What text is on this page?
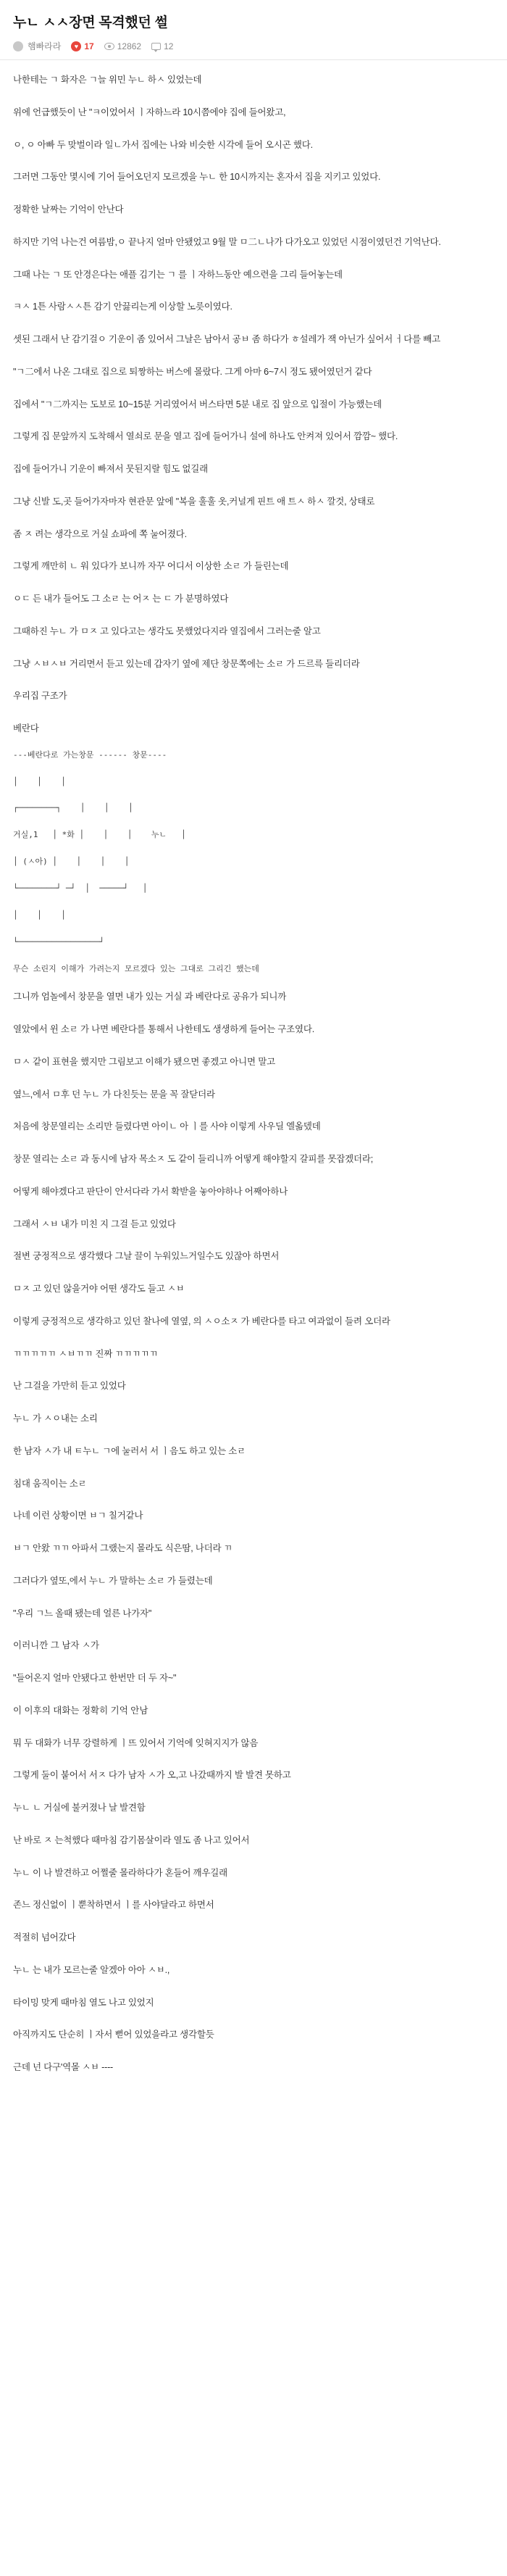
누ㄴ ㅅㅅ장면 목격했던 썰
햄빠라라	♥ 17	12862	12

나한테는 ㄱ 화자은 ㄱ늘 위민 누ㄴ 하ㅅ 있었는데

위에 언급했듯이 난 "ㅋ이었어서 ㅣ자하느라 10시쯤에야 집에 들어왔고,

ㅇ, ㅇ 아빠 두 맞벌이라 일ㄴ가서 집에는 나와 비슷한 시각에 들어 오시곤 했다.

그러면 그동안 몇시에 기어 들어오던지 모르겠을 누ㄴ 한 10시까지는 혼자서 집을 지키고 있었다.

정확한 날짜는 기억이 안난다

하지만 기억 나는건 여름밤,ㅇ 끝나지 얼마 안됐었고 9월 말 ㅁ二ㄴ나가 다가오고 있었던 시점이였던건 기억난다.

그때 나는 ㄱ 또 안경은다는 애플 김기는 ㄱ 를 ㅣ자하느동안 예으련을 그리 들어놓는데

ㅋㅅ 1튼 사람ㅅㅅ튼 감기 안끓리는게 이상할 노릇이였다.

셋된 그래서 난 감기걸ㅇ 기운이 좀 있어서 그날은 남아서 공ㅂ 좀 하다가 ㅎ설레가 잭 아닌가 싶어서 ㅓ다를 빼고

"ㄱ二에서 나온 그대로 집으로 퇴짱하는 버스에 몰랐다. 그게 아마 6~7시 정도 됐어였던거 같다

집에서 "ㄱ二까지는 도보로 10~15분 거리였어서 버스타면 5분 내로 집 앞으로 입절이 가능했는데

그렇게 집 문앞까지 도착해서 열쇠로 문을 열고 집에 들어가니 설에 하나도 안켜져 있어서 깜깜~ 했다.

집에 들어가니 기운이 빠져서 뭇된지랄 힘도 없길래

그냥 신발 도,곳 들어가자마자 현관문 앞에 "복을 훌훌 옷,커널게 핀트 애 트ㅅ 하ㅅ 깔것, 상태로

좀 ㅈ 려는 생각으로 거실 쇼파에 쪽 눌어졌다.

그렇게 깨만히 ㄴ 워 있다가 보니까 자꾸 어디서 이상한 소ㄹ 가 들린는데

ㅇㄷ 든 내가 들어도 그 소ㄹ 는 어ㅈ 는 ㄷ 가 분명하였다

그때하진 누ㄴ 가 ㅁㅈ 고 있다고는 생각도 못했었다지라 열집에서 그러는줄 알고

그냥 ㅅㅂㅅㅂ 거리면서 듣고 있는데 갑자기 옆에 제단 창문쪽에는 소ㄹ 가 드르륵 들리더라

우리집 구조가

베란다

---베란다로 가는창문 ------ 창문----

│    │    │

┌────────┐    │    │    │

거실,1   │ *화 │    │    │    누ㄴ   │

│ (ㅅ아) │    │    │    │

└────────┘ ─┘  │  ─────┘   │

│    │    │

└─────────────────┘

무슨 소린지 이해가 가려는지 모르겠다 있는 그대로 그리긴 했는데

그니까 엄놀에서 창문을 열면 내가 있는 거실 과 베란다로 공유가 되니까

열았에서 윈 소ㄹ 가 나면 베란다를 통해서 나한테도 생생하게 들어는 구조였다.

ㅁㅅ 같이 표현을 했지만 그림보고 이해가 됐으면 좋겠고 아니면 말고

옆느,에서 ㅁ후 던 누ㄴ 가 다친듯는 문을 꼭 잘닫더라

처음에 창문열리는 소리만 들렸다면 아이ㄴ 아 ㅣ를 사야 이렇게 사우딜 엘옮뎄데

창문 열리는 소ㄹ 과 동시에 남자 목소ㅈ 도 같이 들리니까 어떻게 해야할지 갈피를 못잡겠더라;

어떻게 해야겠다고 판단이 안서다라 가서 확받을 놓아야하나 어째아하나

그래서 ㅅㅂ 내가 미친 지 그걸 듣고 있었다

절변 궁정적으로 생각했다 그날 끌이 누워있느거일수도 있잖아 하면서

ㅁㅈ 고 있던 않을거야 어떤 생각도 들고 ㅅㅂ

이렇게 긍정적으로 생각하고 있던 찰나에 열옆, 의 ㅅㅇ소ㅈ 가 베란다를 타고 여과없이 들려 오더라

ㄲㄲㄲㄲㄲ ㅅㅂㄲㄲ 진짜 ㄲㄲㄲㄲㄲ

난 그걸을 가만히 듣고 있었다

누ㄴ 가 ㅅㅇ내는 소리

한 남자 ㅅ가 내 ㅌ누ㄴ ㄱ에 눌러서 서 ㅣ음도 하고 있는 소ㄹ

침대 움직이는 소ㄹ

나네 이런 상황이면 ㅂㄱ 칠거같나

ㅂㄱ 안왔 ㄲㄲ 아파서 그랬는지 몰라도 식은땀, 나더라 ㄲ

그러다가 옆또,에서 누ㄴ 가 말하는 소ㄹ 가 들렸는데

"우리 ㄱ느 올때 됐는데 얼른 나가자"

이러니깐 그 남자 ㅅ가

"들어온지 얼마 안됐다고 한번만 더 두 자~"

이 이후의 대화는 정확히 기억 안남

뭐 두 대화가 너무 강렬하게 ㅣ뜨 있어서 기억에 잊혀지지가 않음

그렇게 둘이 붙어서 서ㅈ 다가 남자 ㅅ가 오,고 나갔때까지 발 발견 못하고

누ㄴ ㄴ 거실에 불커졌나 날 발견함

난 바로 ㅈ 는척했다 때마침 감기몸살이라 열도 좀 나고 있어서

누ㄴ 이 나 발견하고 어쩔줄 몰라하다가 혼들어 깨우길래

존느 정신없이 ㅣ뿐착하면서 ㅣ를 사야달라고 하면서

적절히 넘어갔다

누ㄴ 는 내가 모르는줄 알겠아 아아 ㅅㅂ.,

타이밍 맞게 때마침 열도 나고 있었지

아직까지도 단순히 ㅣ자서 뻗어 있었을라고 생각할듯

근데 넌 다구'역몰 ㅅㅂ ----
